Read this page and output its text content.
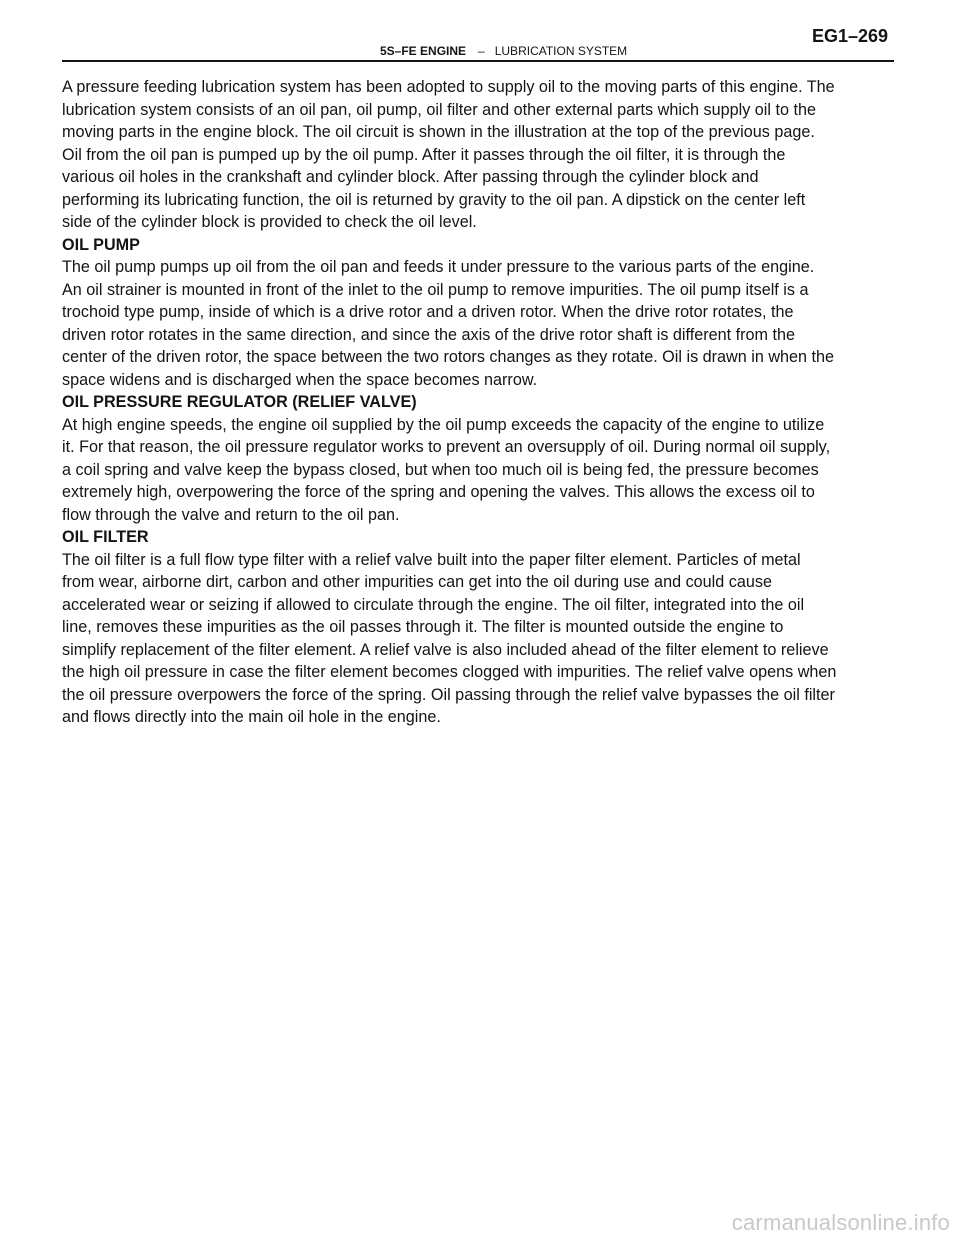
5S–FE ENGINE – LUBRICATION SYSTEM
EG1–269

A pressure feeding lubrication system has been adopted to supply oil to the moving parts of this engine. The lubrication system consists of an oil pan, oil pump, oil filter and other external parts which supply oil to the moving parts in the engine block. The oil circuit is shown in the illustration at the top of the previous page. Oil from the oil pan is pumped up by the oil pump. After it passes through the oil filter, it is through the various oil holes in the crankshaft and cylinder block. After passing through the cylinder block and performing its lubricating function, the oil is returned by gravity to the oil pan. A dipstick on the center left side of the cylinder block is provided to check the oil level.

OIL PUMP

The oil pump pumps up oil from the oil pan and feeds it under pressure to the various parts of the engine. An oil strainer is mounted in front of the inlet to the oil pump to remove impurities. The oil pump itself is a trochoid type pump, inside of which is a drive rotor and a driven rotor. When the drive rotor rotates, the driven rotor rotates in the same direction, and since the axis of the drive rotor shaft is different from the center of the driven rotor, the space between the two rotors changes as they rotate. Oil is drawn in when the space widens and is discharged when the space becomes narrow.

OIL PRESSURE REGULATOR (RELIEF VALVE)

At high engine speeds, the engine oil supplied by the oil pump exceeds the capacity of the engine to utilize it. For that reason, the oil pressure regulator works to prevent an oversupply of oil. During normal oil supply, a coil spring and valve keep the bypass closed, but when too much oil is being fed, the pressure becomes extremely high, overpowering the force of the spring and opening the valves. This allows the excess oil to flow through the valve and return to the oil pan.

OIL FILTER

The oil filter is a full flow type filter with a relief valve built into the paper filter element. Particles of metal from wear, airborne dirt, carbon and other impurities can get into the oil during use and could cause accelerated wear or seizing if allowed to circulate through the engine. The oil filter, integrated into the oil line, removes these impurities as the oil passes through it. The filter is mounted outside the engine to simplify replacement of the filter element. A relief valve is also included ahead of the filter element to relieve the high oil pressure in case the filter element becomes clogged with impurities. The relief valve opens when the oil pressure overpowers the force of the spring. Oil passing through the relief valve bypasses the oil filter and flows directly into the main oil hole in the engine.

carmanualsonline.info
